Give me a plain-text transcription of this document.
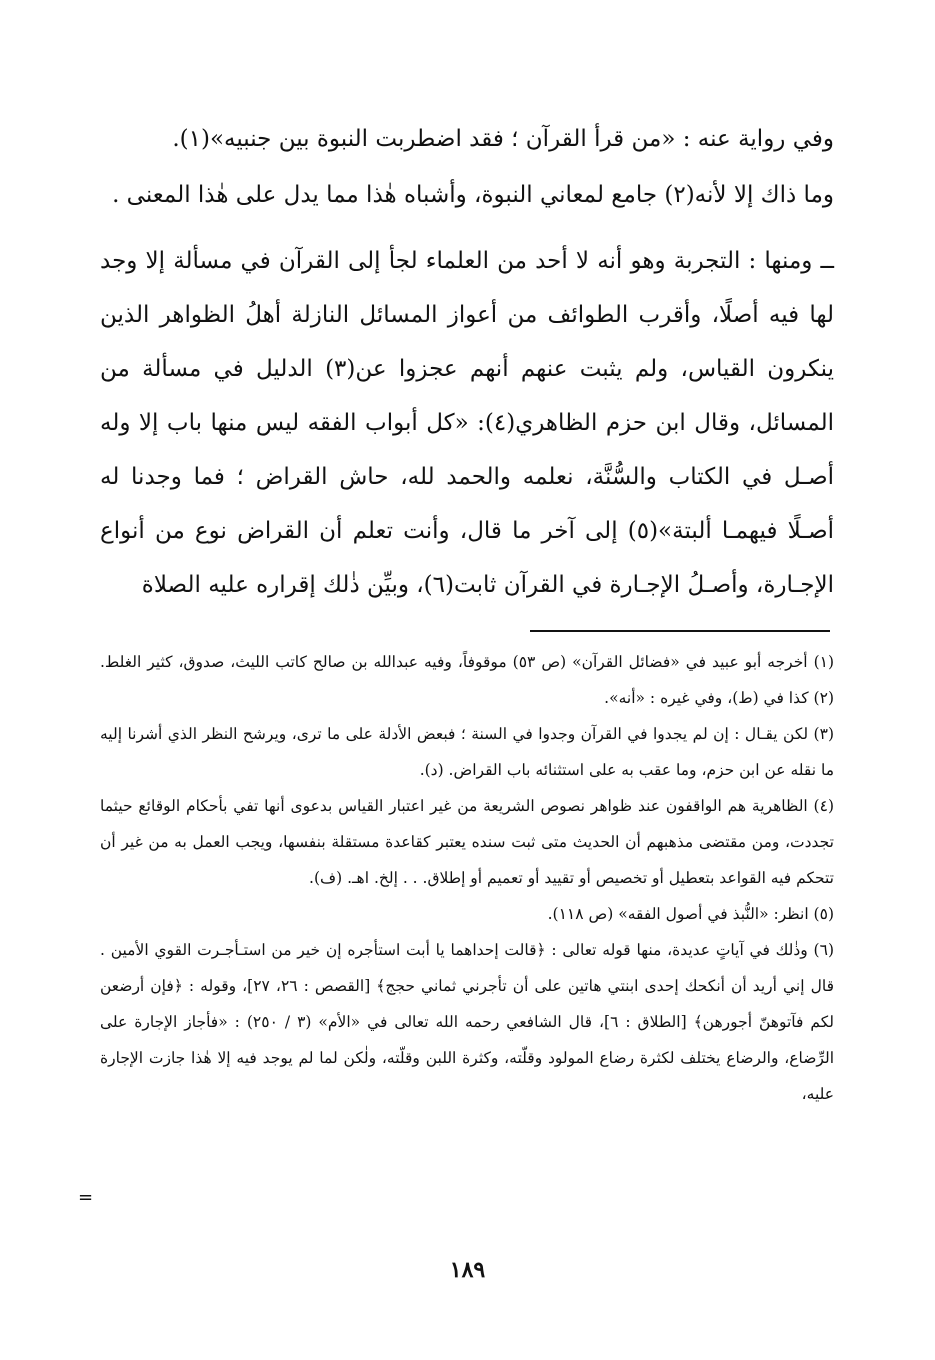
وفي رواية عنه : «من قرأ القرآن ؛ فقد اضطربت النبوة بين جنبيه»(١).

وما ذاك إلا لأنه(٢) جامع لمعاني النبوة، وأشباه هٰذا مما يدل على هٰذا المعنى .

ــ ومنها : التجربة وهو أنه لا أحد من العلماء لجأ إلى القرآن في مسألة إلا وجد لها فيه أصلًا، وأقرب الطوائف من أعواز المسائل النازلة أهلُ الظواهر الذين ينكرون القياس، ولم يثبت عنهم أنهم عجزوا عن(٣) الدليل في مسألة من المسائل، وقال ابن حزم الظاهري(٤): «كل أبواب الفقه ليس منها باب إلا وله أصـل في الكتاب والسُّنَّة، نعلمه والحمد لله، حاش القراض ؛ فما وجدنا له أصـلًا فيهمـا ألبتة»(٥) إلى آخر ما قال، وأنت تعلم أن القراض نوع من أنواع الإجـارة، وأصـلُ الإجـارة في القرآن ثابت(٦)، وبيِّن ذٰلك إقراره عليه الصلاة

(١) أخرجه أبو عبيد في «فضائل القرآن» (ص ٥٣) موقوفاً، وفيه عبدالله بن صالح كاتب الليث، صدوق، كثير الغلط. (٢) كذا في (ط)، وفي غيره : «أنه».

(٣) لكن يقـال : إن لم يجدوا في القرآن وجدوا في السنة ؛ فبعض الأدلة على ما ترى، ويرشح النظر الذي أشرنا إليه ما نقله عن ابن حزم، وما عقب به على استثنائه باب القراض. (د).

(٤) الظاهرية هم الواقفون عند ظواهر نصوص الشريعة من غير اعتبار القياس بدعوى أنها تفي بأحكام الوقائع حيثما تجددت، ومن مقتضى مذهبهم أن الحديث متى ثبت سنده يعتبر كقاعدة مستقلة بنفسها، ويجب العمل به من غير أن تتحكم فيه القواعد بتعطيل أو تخصيص أو تقييد أو تعميم أو إطلاق. . . إلخ. اهـ. (ف).

(٥) انظر: «النُّبذ في أصول الفقه» (ص ١١٨).

(٦) وذٰلك في آياتٍ عديدة، منها قوله تعالى : ﴿قالت إحداهما يا أبت استأجره إن خير من استـأجـرت القوي الأمين . قال إني أريد أن أنكحك إحدى ابنتي هاتين على أن تأجرني ثماني حجج﴾ [القصص : ٢٦، ٢٧]، وقوله : ﴿فإن أرضعن لكم فآتوهنّ أجورهن﴾ [الطلاق : ٦]، قال الشافعي رحمه الله تعالى في «الأم» (٣ / ٢٥٠) : «فأجاز الإجارة على الرِّضاع، والرضاع يختلف لكثرة رضاع المولود وقلّته، وكثرة اللبن وقلّته، ولٰكن لما لم يوجد فيه إلا هٰذا جازت الإجارة عليه،

=
١٨٩
